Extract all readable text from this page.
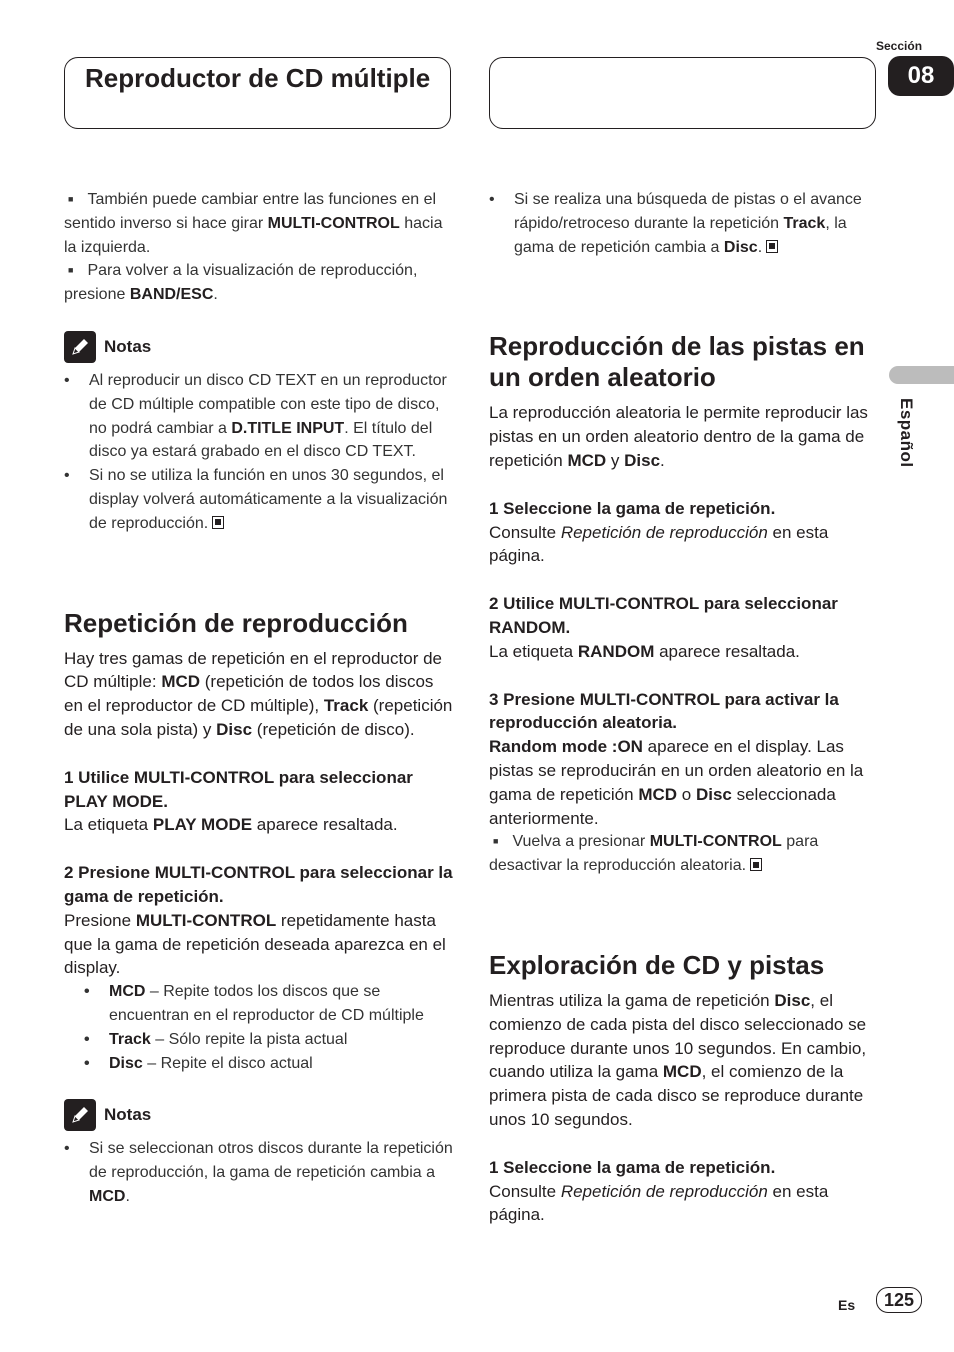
Reproductor de CD múltiple
Sección
08
Español

■ También puede cambiar entre las funciones en el sentido inverso si hace girar MULTI-CONTROL hacia la izquierda.

■ Para volver a la visualización de reproducción, presione BAND/ESC.

Notas

• Al reproducir un disco CD TEXT en un reproductor de CD múltiple compatible con este tipo de disco, no podrá cambiar a D.TITLE INPUT. El título del disco ya estará grabado en el disco CD TEXT.

• Si no se utiliza la función en unos 30 segundos, el display volverá automáticamente a la visualización de reproducción.

Repetición de reproducción

Hay tres gamas de repetición en el reproductor de CD múltiple: MCD (repetición de todos los discos en el reproductor de CD múltiple), Track (repetición de una sola pista) y Disc (repetición de disco).

1 Utilice MULTI-CONTROL para seleccionar PLAY MODE.

La etiqueta PLAY MODE aparece resaltada.

2 Presione MULTI-CONTROL para seleccionar la gama de repetición.

Presione MULTI-CONTROL repetidamente hasta que la gama de repetición deseada aparezca en el display.

• MCD – Repite todos los discos que se encuentran en el reproductor de CD múltiple

• Track – Sólo repite la pista actual

• Disc – Repite el disco actual

Notas

• Si se seleccionan otros discos durante la repetición de reproducción, la gama de repetición cambia a MCD.

• Si se realiza una búsqueda de pistas o el avance rápido/retroceso durante la repetición Track, la gama de repetición cambia a Disc.

Reproducción de las pistas en un orden aleatorio

La reproducción aleatoria le permite reproducir las pistas en un orden aleatorio dentro de la gama de repetición MCD y Disc.

1 Seleccione la gama de repetición.

Consulte Repetición de reproducción en esta página.

2 Utilice MULTI-CONTROL para seleccionar RANDOM.

La etiqueta RANDOM aparece resaltada.

3 Presione MULTI-CONTROL para activar la reproducción aleatoria.

Random mode :ON aparece en el display. Las pistas se reproducirán en un orden aleatorio en la gama de repetición MCD o Disc seleccionada anteriormente.

■ Vuelva a presionar MULTI-CONTROL para desactivar la reproducción aleatoria.

Exploración de CD y pistas

Mientras utiliza la gama de repetición Disc, el comienzo de cada pista del disco seleccionado se reproduce durante unos 10 segundos. En cambio, cuando utiliza la gama MCD, el comienzo de la primera pista de cada disco se reproduce durante unos 10 segundos.

1 Seleccione la gama de repetición.

Consulte Repetición de reproducción en esta página.

Es	125
